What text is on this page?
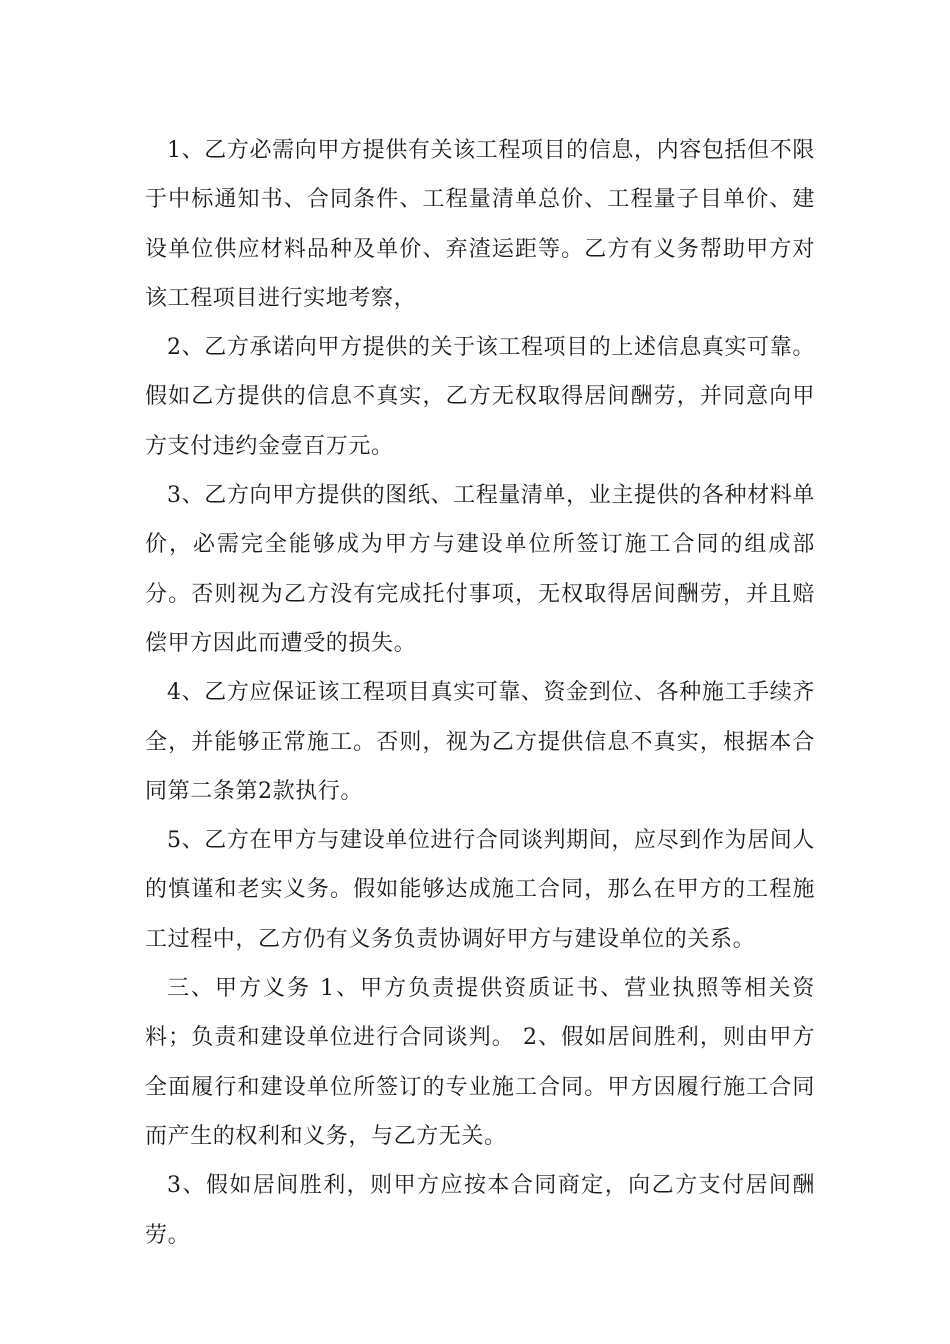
1、乙方必需向甲方提供有关该工程项目的信息，内容包括但不限于中标通知书、合同条件、工程量清单总价、工程量子目单价、建设单位供应材料品种及单价、弃渣运距等。乙方有义务帮助甲方对该工程项目进行实地考察，

2、乙方承诺向甲方提供的关于该工程项目的上述信息真实可靠。假如乙方提供的信息不真实，乙方无权取得居间酬劳，并同意向甲方支付违约金壹百万元。

3、乙方向甲方提供的图纸、工程量清单，业主提供的各种材料单价，必需完全能够成为甲方与建设单位所签订施工合同的组成部分。否则视为乙方没有完成托付事项，无权取得居间酬劳，并且赔偿甲方因此而遭受的损失。

4、乙方应保证该工程项目真实可靠、资金到位、各种施工手续齐全，并能够正常施工。否则，视为乙方提供信息不真实，根据本合同第二条第2款执行。

5、乙方在甲方与建设单位进行合同谈判期间，应尽到作为居间人的慎谨和老实义务。假如能够达成施工合同，那么在甲方的工程施工过程中，乙方仍有义务负责协调好甲方与建设单位的关系。

三、甲方义务 1、甲方负责提供资质证书、营业执照等相关资料；负责和建设单位进行合同谈判。 2、假如居间胜利，则由甲方全面履行和建设单位所签订的专业施工合同。甲方因履行施工合同而产生的权利和义务，与乙方无关。

3、假如居间胜利，则甲方应按本合同商定，向乙方支付居间酬劳。
